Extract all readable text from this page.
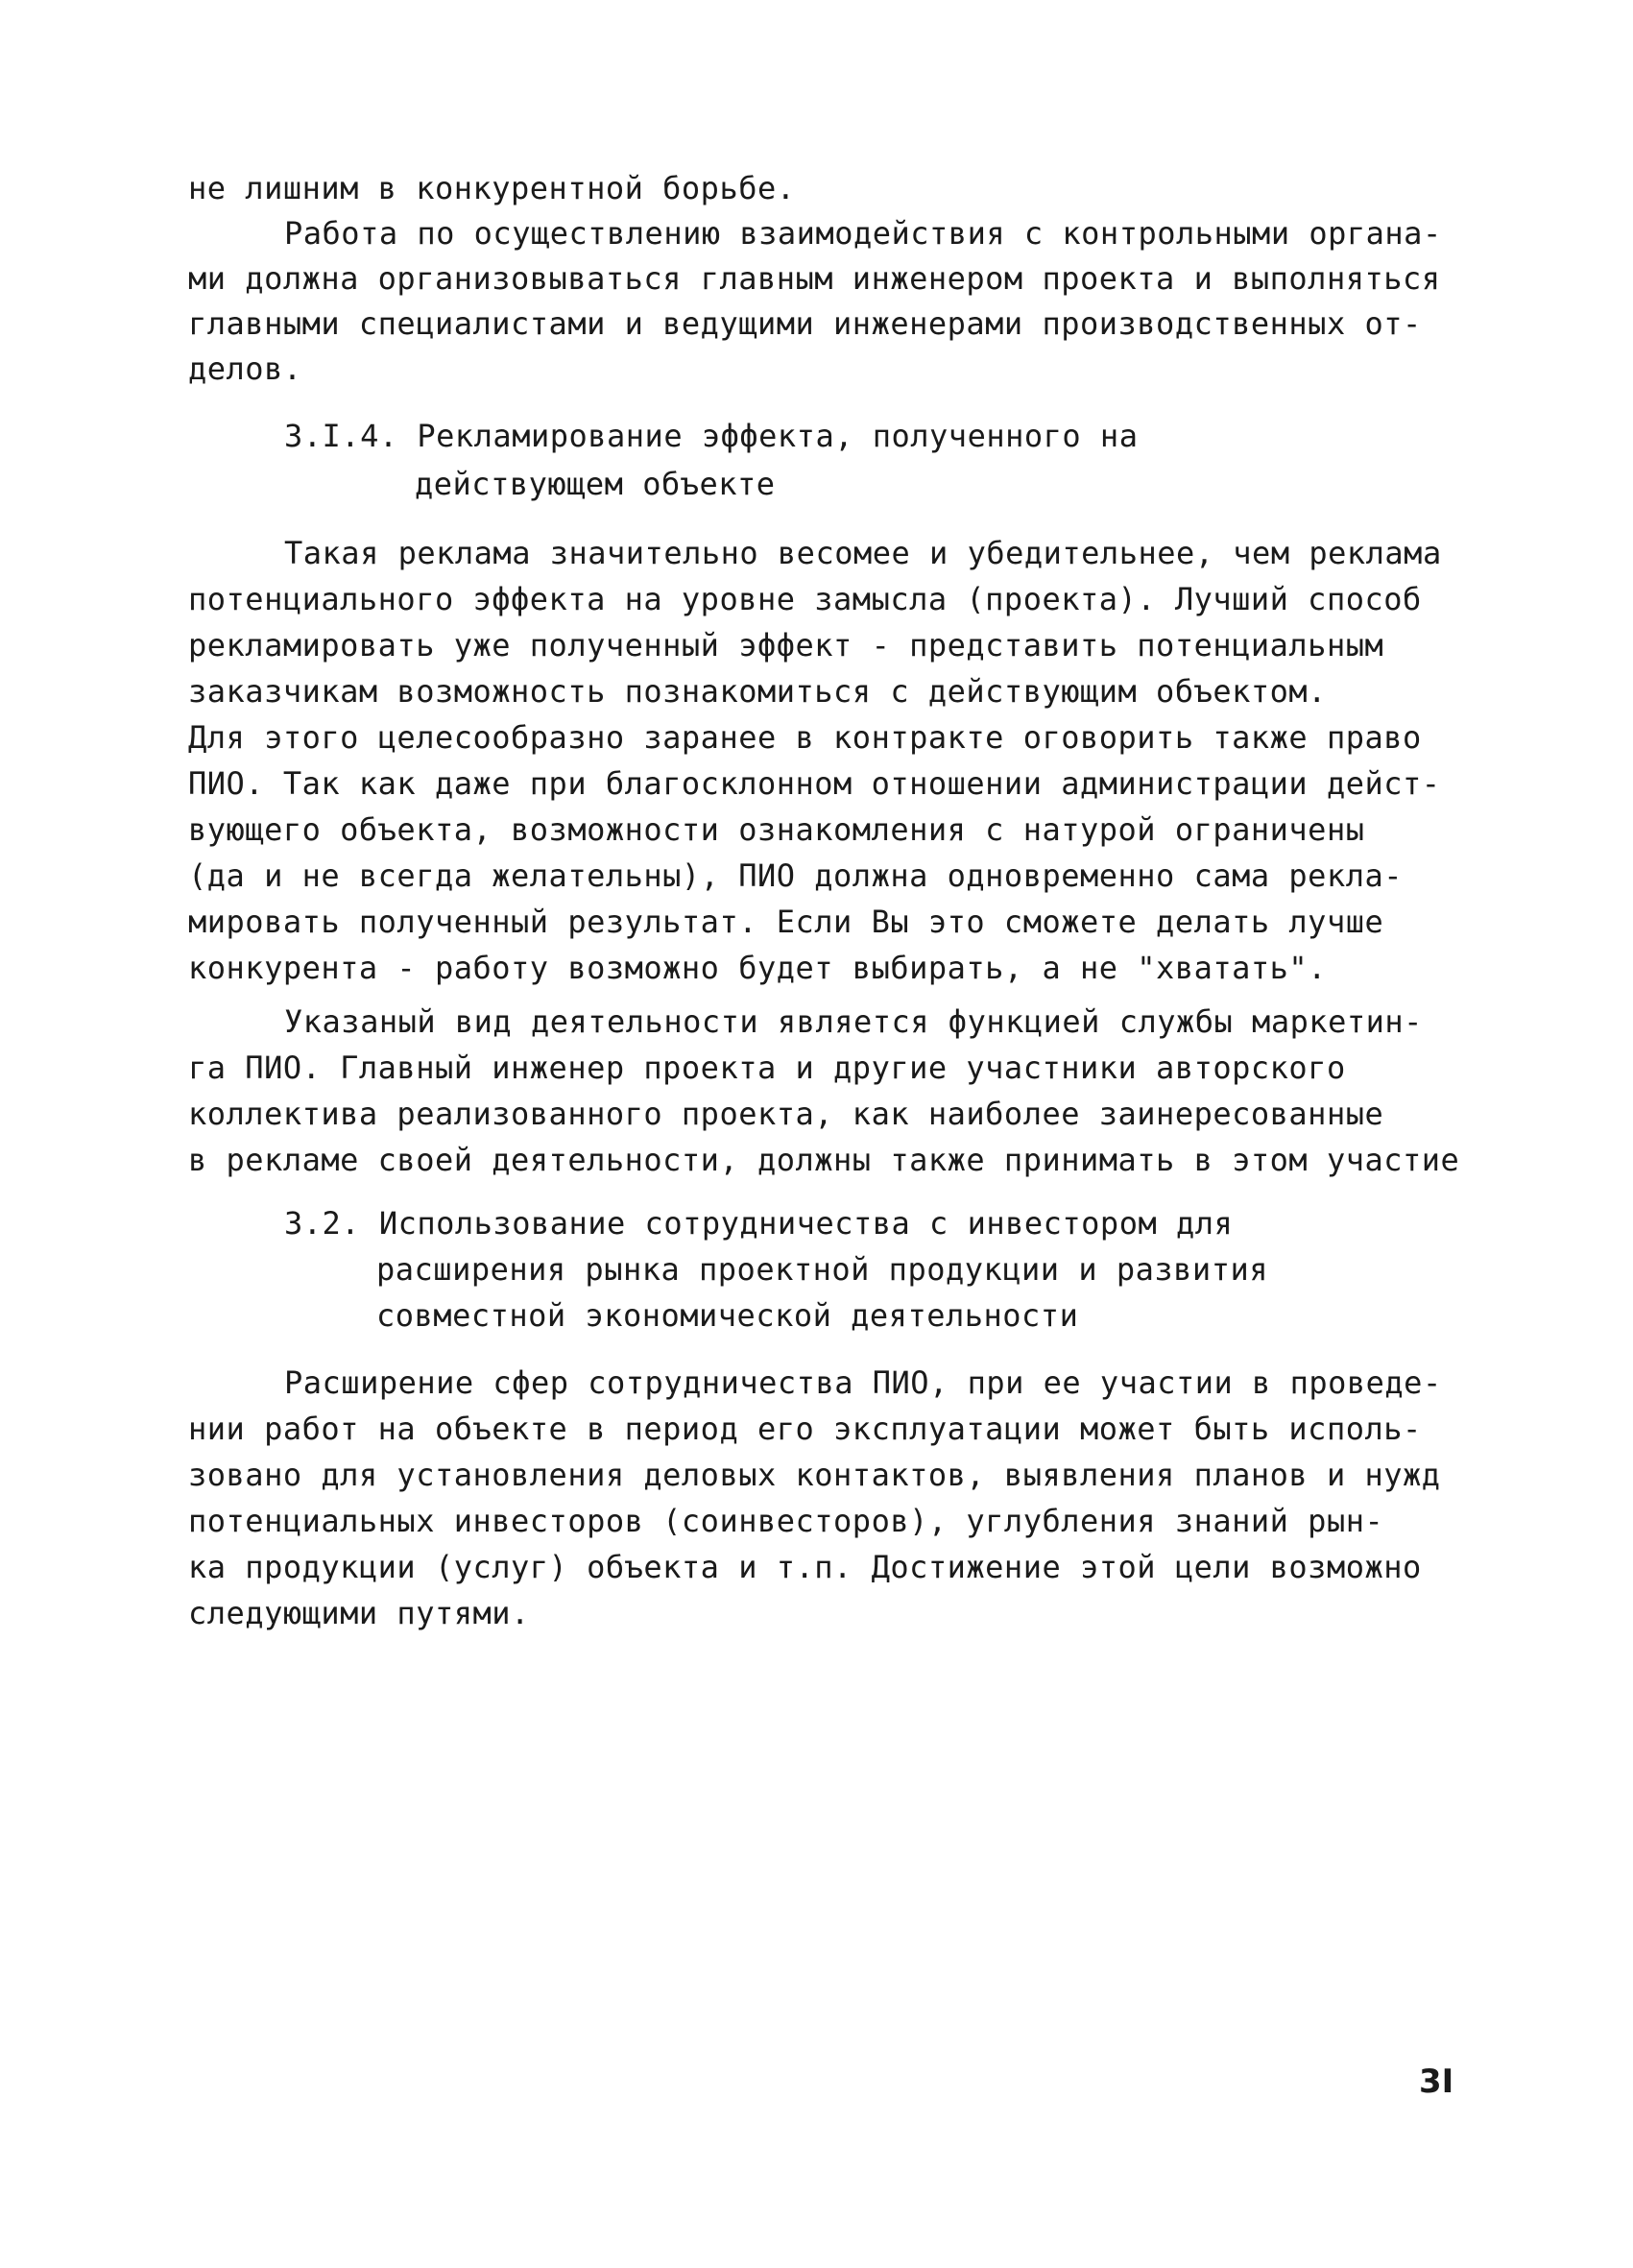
не лишним в конкурентной борьбе.
Работа по осуществлению взаимодействия с контрольными органа-
ми должна организовываться главным инженером проекта и выполняться
главными специалистами и ведущими инженерами производственных от-
делов.
3.I.4. Рекламирование эффекта, полученного на
действующем объекте
Такая реклама значительно весомее и убедительнее, чем реклама
потенциального эффекта на уровне замысла (проекта). Лучший способ
рекламировать уже полученный эффект - представить потенциальным
заказчикам возможность познакомиться с действующим объектом.
Для этого целесообразно заранее в контракте оговорить также право
ПИО. Так как даже при благосклонном отношении администрации дейст-
вующего объекта, возможности ознакомления с натурой ограничены
(да и не всегда желательны), ПИО должна одновременно сама рекла-
мировать полученный результат. Если Вы это сможете делать лучше
конкурента - работу возможно будет выбирать, а не "хватать".
Указаный вид деятельности является функцией службы маркетин-
га ПИО. Главный инженер проекта и другие участники авторского
коллектива реализованного проекта, как наиболее заинересованные
в рекламе своей деятельности, должны также принимать в этом участие
3.2. Использование сотрудничества с инвестором для
расширения рынка проектной продукции и развития
совместной экономической деятельности
Расширение сфер сотрудничества ПИО, при ее участии в проведе-
нии работ на объекте в период его эксплуатации может быть исполь-
зовано для установления деловых контактов, выявления планов и нужд
потенциальных инвесторов (соинвесторов), углубления знаний рын-
ка продукции (услуг) объекта и т.п. Достижение этой цели возможно
следующими путями.
3I
